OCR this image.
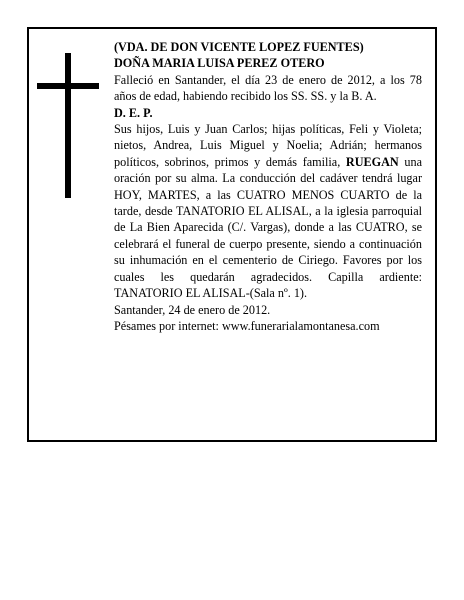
(VDA. DE DON VICENTE LOPEZ FUENTES)

DOÑA MARIA LUISA PEREZ OTERO

Falleció en Santander, el día 23 de enero de 2012, a los 78 años de edad, habiendo recibido los SS. SS. y la B. A.

D. E. P.

Sus hijos, Luis y Juan Carlos; hijas políticas, Feli y Violeta; nietos, Andrea, Luis Miguel y Noelia; Adrián; hermanos políticos, sobrinos, primos y demás familia, RUEGAN una oración por su alma. La conducción del cadáver tendrá lugar HOY, MARTES, a las CUATRO MENOS CUARTO de la tarde, desde TANATORIO EL ALISAL, a la iglesia parroquial de La Bien Aparecida (C/. Vargas), donde a las CUATRO, se celebrará el funeral de cuerpo presente, siendo a continuación su inhumación en el cementerio de Ciriego. Favores por los cuales les quedarán agradecidos. Capilla ardiente: TANATORIO EL ALISAL-(Sala nº. 1).

Santander, 24 de enero de 2012.

Pésames por internet: www.funerarialamontanesa.com
